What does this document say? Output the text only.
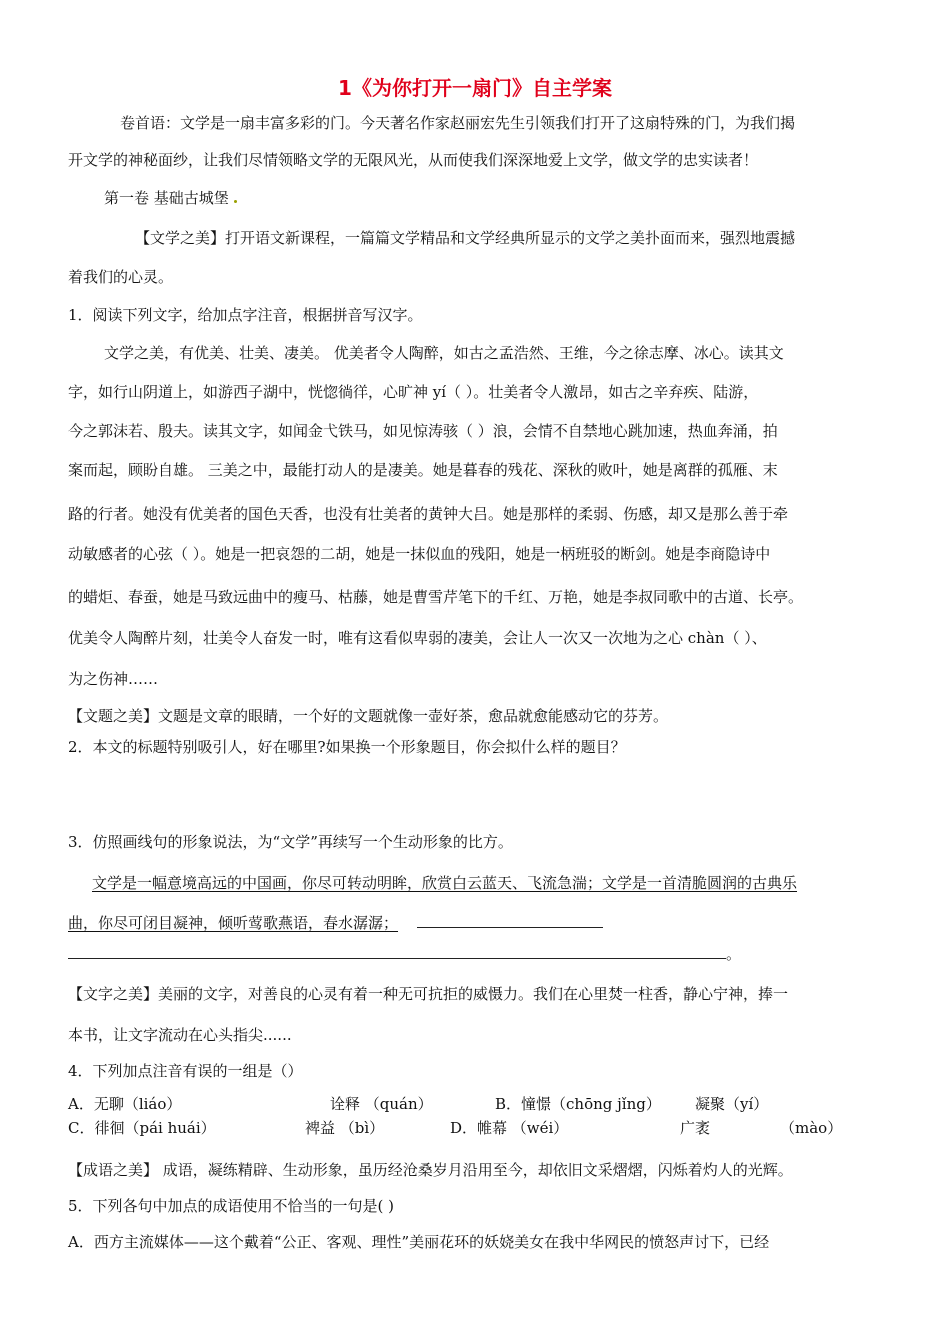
1《为你打开一扇门》自主学案
卷首语：文学是一扇丰富多彩的门。今天著名作家赵丽宏先生引领我们打开了这扇特殊的门，为我们揭
开文学的神秘面纱，让我们尽情领略文学的无限风光，从而使我们深深地爱上文学，做文学的忠实读者！
第一卷 基础古城堡
【文学之美】打开语文新课程，一篇篇文学精品和文学经典所显示的文学之美扑面而来，强烈地震撼
着我们的心灵。
1．阅读下列文字，给加点字注音，根据拼音写汉字。
文学之美，有优美、壮美、凄美。 优美者令人陶醉，如古之孟浩然、王维，今之徐志摩、冰心。读其文
字，如行山阴道上，如游西子湖中，恍惚徜徉，心旷神 yí（ ）。壮美者令人激昂，如古之辛弃疾、陆游，
今之郭沫若、殷夫。读其文字，如闻金弋铁马，如见惊涛骇（ ）浪，会情不自禁地心跳加速，热血奔涌，拍
案而起，顾盼自雄。 三美之中，最能打动人的是凄美。她是暮春的残花、深秋的败叶，她是离群的孤雁、末
路的行者。她没有优美者的国色天香，也没有壮美者的黄钟大吕。她是那样的柔弱、伤感，却又是那么善于牵
动敏感者的心弦（ ）。她是一把哀怨的二胡，她是一抹似血的残阳，她是一柄班驳的断剑。她是李商隐诗中
的蜡炬、春蚕，她是马致远曲中的瘦马、枯藤，她是曹雪芹笔下的千红、万艳，她是李叔同歌中的古道、长亭。
优美令人陶醉片刻，壮美令人奋发一时，唯有这看似卑弱的凄美，会让人一次又一次地为之心 chàn（ ）、
为之伤神……
【文题之美】文题是文章的眼睛，一个好的文题就像一壶好茶，愈品就愈能感动它的芬芳。
2．本文的标题特别吸引人，好在哪里?如果换一个形象题目，你会拟什么样的题目？
3．仿照画线句的形象说法，为“文学”再续写一个生动形象的比方。
文学是一幅意境高远的中国画，你尽可转动明眸，欣赏白云蓝天、飞流急湍；文学是一首清脆圆润的古典乐
曲，你尽可闭目凝神，倾听莺歌燕语，春水潺潺；
。
【文字之美】美丽的文字，对善良的心灵有着一种无可抗拒的威慑力。我们在心里焚一柱香，静心宁神，捧一
本书，让文字流动在心头指尖......
4．下列加点注音有误的一组是（）
A．无聊（liáo）	诠释 （quán）	B．憧憬（chōng jǐng） 凝聚（yí）
C．徘徊（pái huái）	裨益 （bì）	D．帷幕 （wéi）	广袤	（mào）
【成语之美】 成语，凝练精辟、生动形象，虽历经沧桑岁月沿用至今，却依旧文采熠熠，闪烁着灼人的光辉。
5．下列各句中加点的成语使用不恰当的一句是( )
A．西方主流媒体——这个戴着“公正、客观、理性”美丽花环的妖娆美女在我中华网民的愤怒声讨下，已经
